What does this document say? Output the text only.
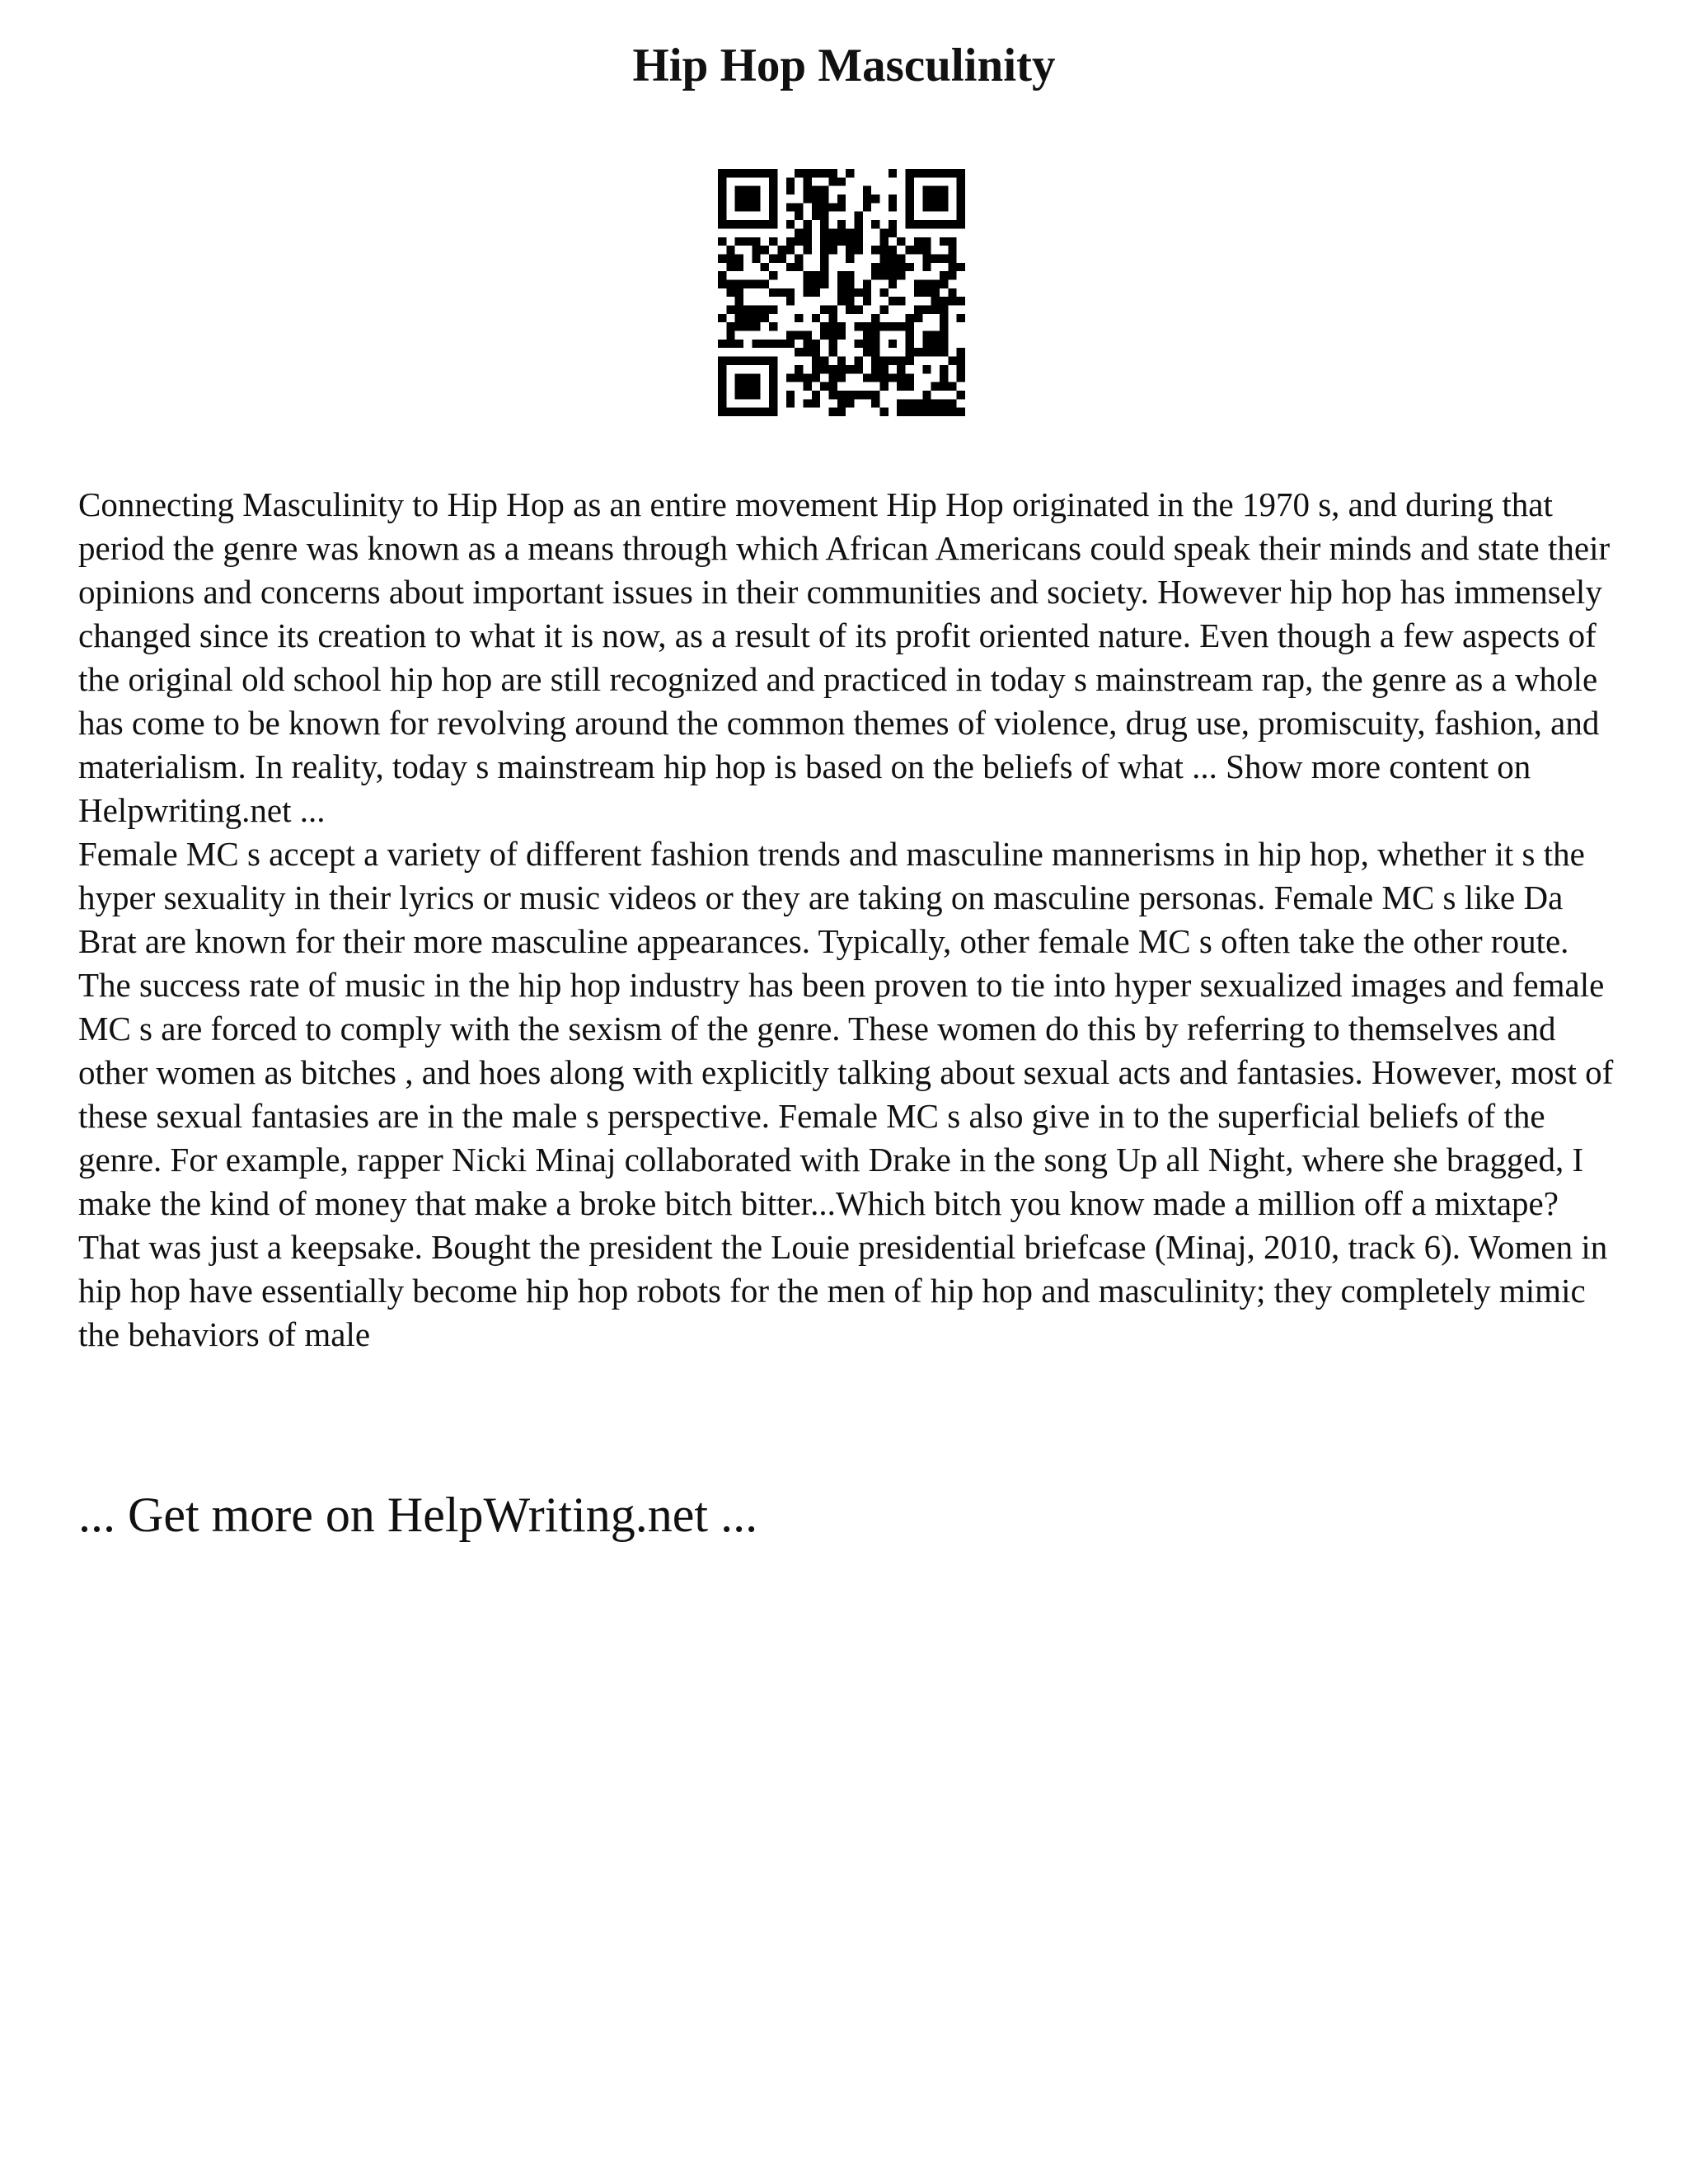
Hip Hop Masculinity

Connecting Masculinity to Hip Hop as an entire movement Hip Hop originated in the 1970 s, and during that period the genre was known as a means through which African Americans could speak their minds and state their opinions and concerns about important issues in their communities and society. However hip hop has immensely changed since its creation to what it is now, as a result of its profit oriented nature. Even though a few aspects of the original old school hip hop are still recognized and practiced in today s mainstream rap, the genre as a whole has come to be known for revolving around the common themes of violence, drug use, promiscuity, fashion, and materialism. In reality, today s mainstream hip hop is based on the beliefs of what ... Show more content on Helpwriting.net ...

Female MC s accept a variety of different fashion trends and masculine mannerisms in hip hop, whether it s the hyper sexuality in their lyrics or music videos or they are taking on masculine personas. Female MC s like Da Brat are known for their more masculine appearances. Typically, other female MC s often take the other route. The success rate of music in the hip hop industry has been proven to tie into hyper sexualized images and female MC s are forced to comply with the sexism of the genre. These women do this by referring to themselves and other women as bitches , and hoes along with explicitly talking about sexual acts and fantasies. However, most of these sexual fantasies are in the male s perspective. Female MC s also give in to the superficial beliefs of the genre. For example, rapper Nicki Minaj collaborated with Drake in the song Up all Night, where she bragged, I make the kind of money that make a broke bitch bitter...Which bitch you know made a million off a mixtape? That was just a keepsake. Bought the president the Louie presidential briefcase (Minaj, 2010, track 6). Women in hip hop have essentially become hip hop robots for the men of hip hop and masculinity; they completely mimic the behaviors of male

... Get more on HelpWriting.net ...
